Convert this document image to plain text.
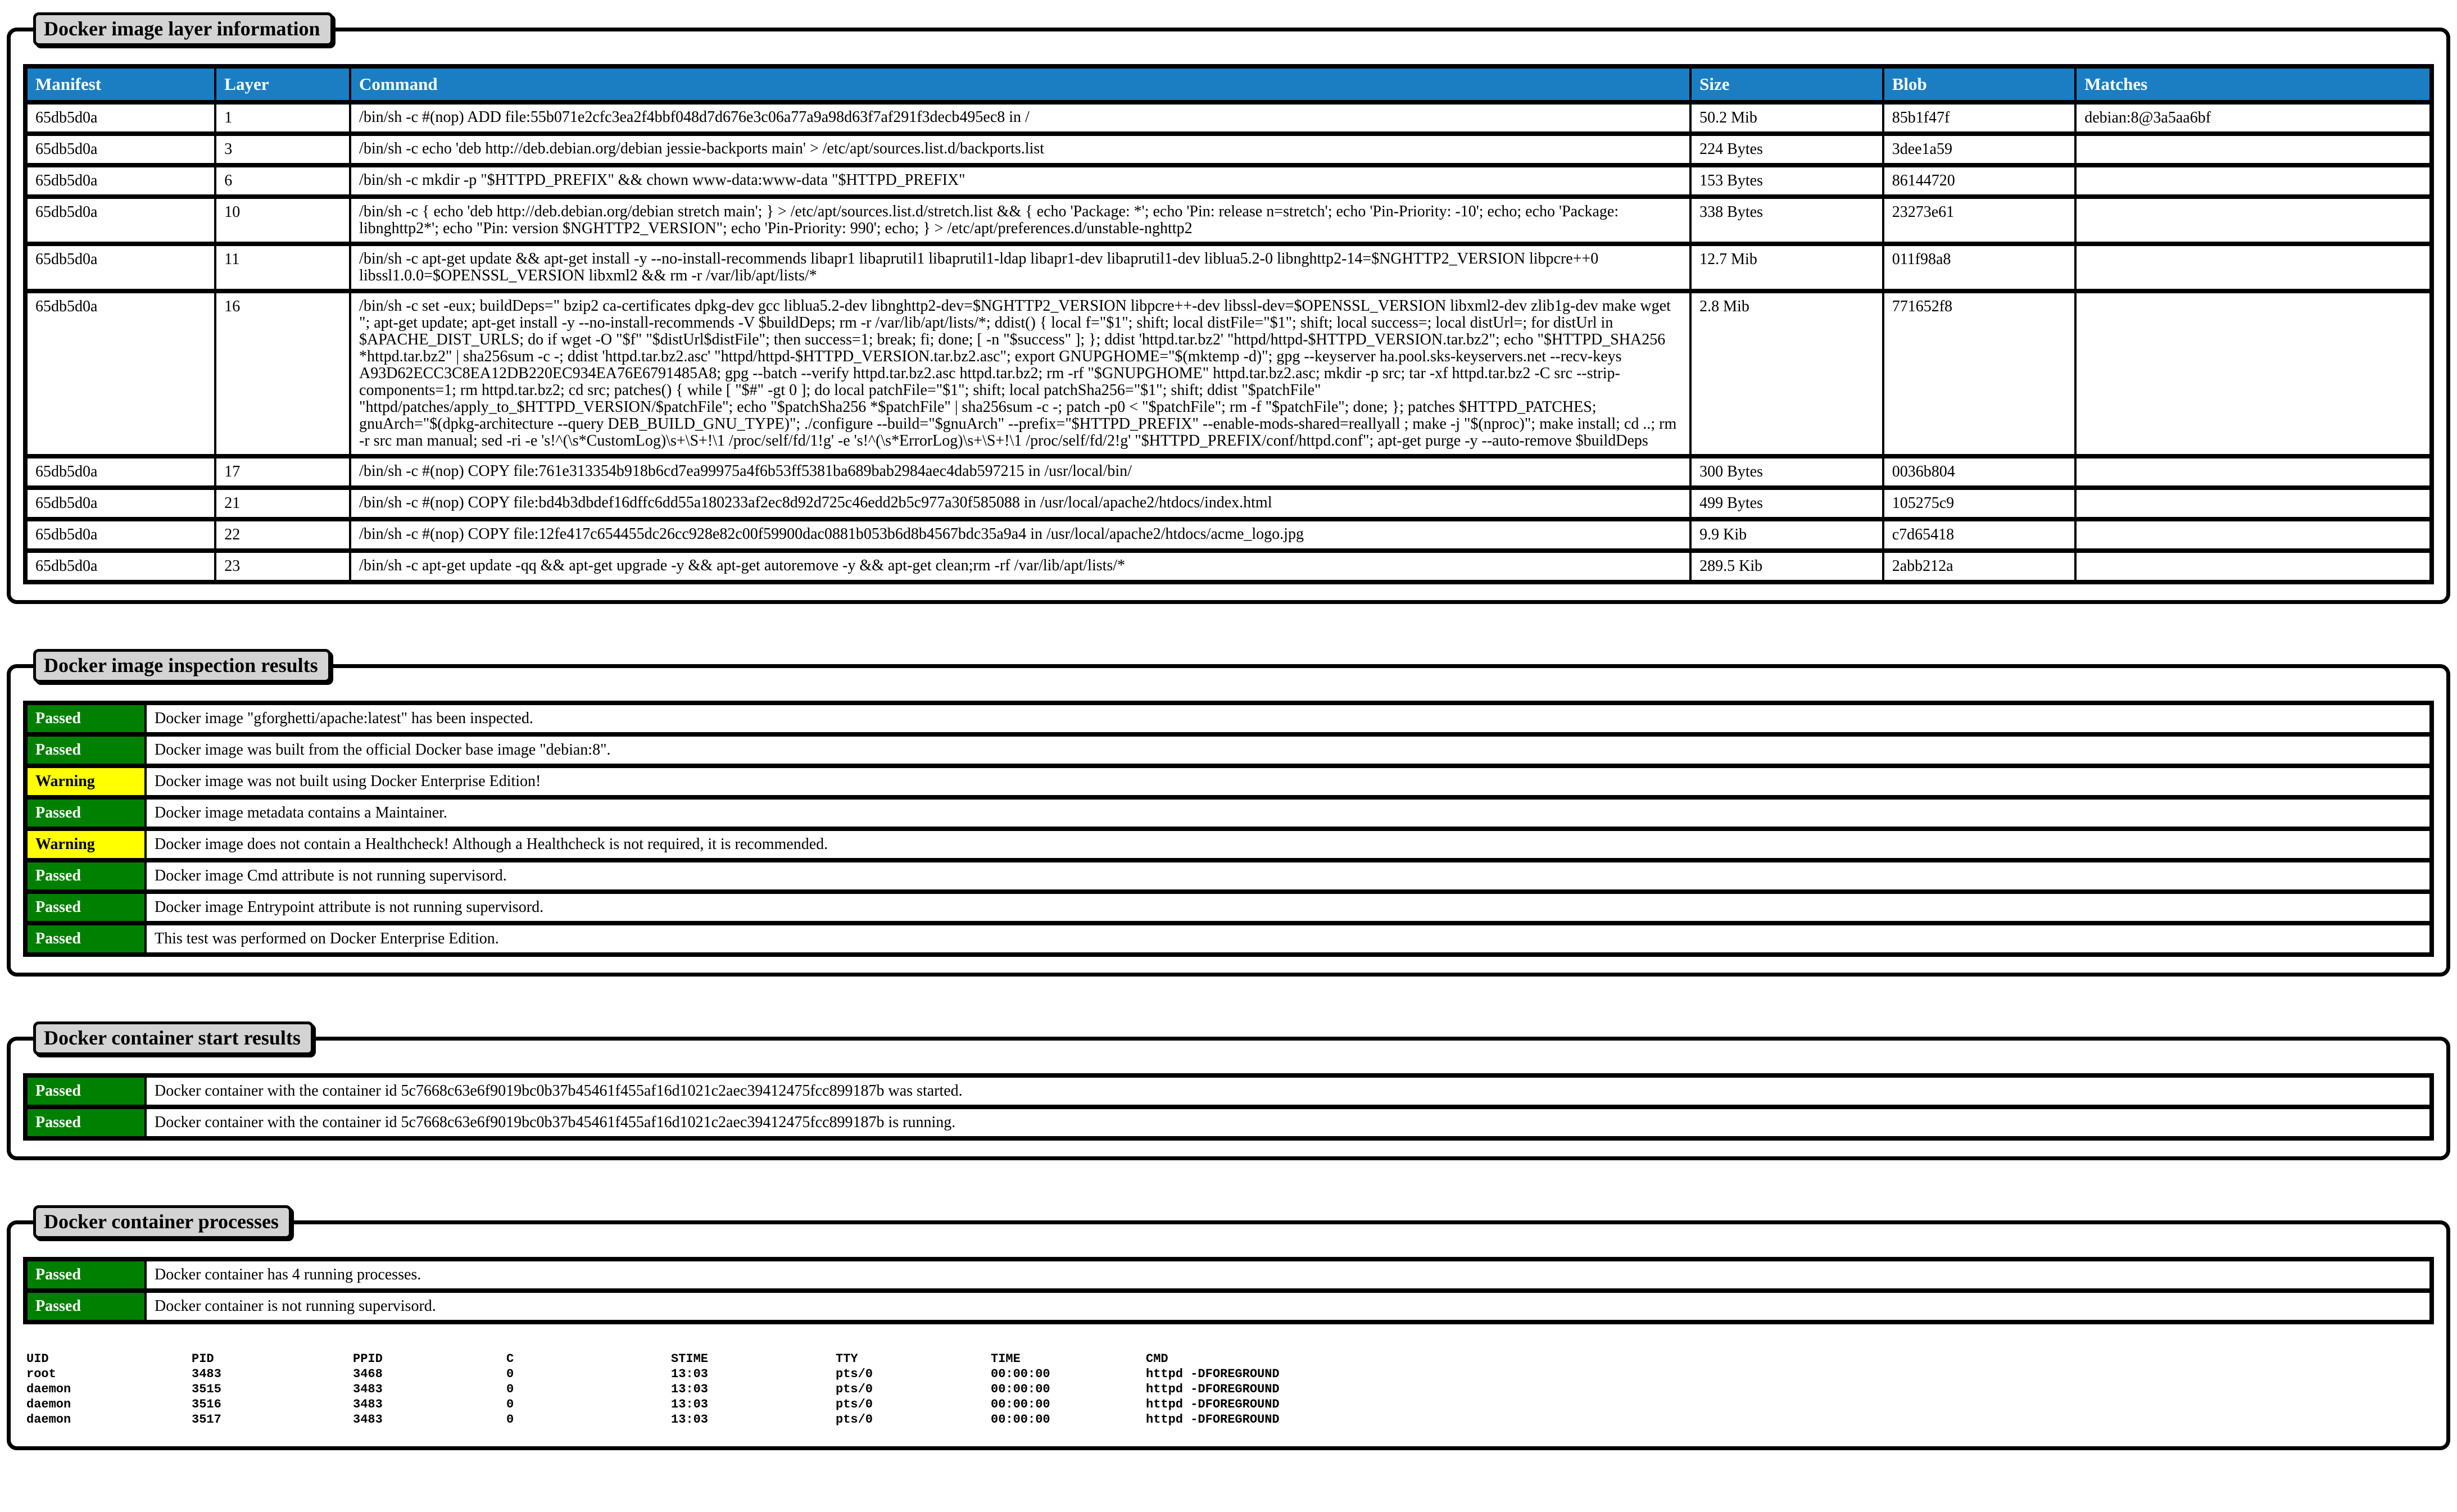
Docker image layer information
Manifest	Layer	Command	Size	Blob	Matches
65db5d0a	1	/bin/sh -c #(nop) ADD file:55b071e2cfc3ea2f4bbf048d7d676e3c06a77a9a98d63f7af291f3decb495ec8 in /	50.2 Mib	85b1f47f	debian:8@3a5aa6bf
65db5d0a	3	/bin/sh -c echo 'deb http://deb.debian.org/debian jessie-backports main' > /etc/apt/sources.list.d/backports.list	224 Bytes	3dee1a59	
65db5d0a	6	/bin/sh -c mkdir -p "$HTTPD_PREFIX" && chown www-data:www-data "$HTTPD_PREFIX"	153 Bytes	86144720	
65db5d0a	10	/bin/sh -c { echo 'deb http://deb.debian.org/debian stretch main'; } > /etc/apt/sources.list.d/stretch.list && { echo 'Package: *'; echo 'Pin: release n=stretch'; echo 'Pin-Priority: -10'; echo; echo 'Package: libnghttp2*'; echo "Pin: version $NGHTTP2_VERSION"; echo 'Pin-Priority: 990'; echo; } > /etc/apt/preferences.d/unstable-nghttp2	338 Bytes	23273e61	
65db5d0a	11	/bin/sh -c apt-get update && apt-get install -y --no-install-recommends libapr1 libaprutil1 libaprutil1-ldap libapr1-dev libaprutil1-dev liblua5.2-0 libnghttp2-14=$NGHTTP2_VERSION libpcre++0 libssl1.0.0=$OPENSSL_VERSION libxml2 && rm -r /var/lib/apt/lists/*	12.7 Mib	011f98a8	
65db5d0a	16	/bin/sh -c set -eux; buildDeps=" bzip2 ca-certificates dpkg-dev gcc liblua5.2-dev libnghttp2-dev=$NGHTTP2_VERSION libpcre++-dev libssl-dev=$OPENSSL_VERSION libxml2-dev zlib1g-dev make wget "; apt-get update; apt-get install -y --no-install-recommends -V $buildDeps; rm -r /var/lib/apt/lists/*; ddist() { local f="$1"; shift; local distFile="$1"; shift; local success=; local distUrl=; for distUrl in $APACHE_DIST_URLS; do if wget -O "$f" "$distUrl$distFile"; then success=1; break; fi; done; [ -n "$success" ]; }; ddist 'httpd.tar.bz2' "httpd/httpd-$HTTPD_VERSION.tar.bz2"; echo "$HTTPD_SHA256 *httpd.tar.bz2" | sha256sum -c -; ddist 'httpd.tar.bz2.asc' "httpd/httpd-$HTTPD_VERSION.tar.bz2.asc"; export GNUPGHOME="$(mktemp -d)"; gpg --keyserver ha.pool.sks-keyservers.net --recv-keys A93D62ECC3C8EA12DB220EC934EA76E6791485A8; gpg --batch --verify httpd.tar.bz2.asc httpd.tar.bz2; rm -rf "$GNUPGHOME" httpd.tar.bz2.asc; mkdir -p src; tar -xf httpd.tar.bz2 -C src --strip-components=1; rm httpd.tar.bz2; cd src; patches() { while [ "$#" -gt 0 ]; do local patchFile="$1"; shift; local patchSha256="$1"; shift; ddist "$patchFile" "httpd/patches/apply_to_$HTTPD_VERSION/$patchFile"; echo "$patchSha256 *$patchFile" | sha256sum -c -; patch -p0 < "$patchFile"; rm -f "$patchFile"; done; }; patches $HTTPD_PATCHES; gnuArch="$(dpkg-architecture --query DEB_BUILD_GNU_TYPE)"; ./configure --build="$gnuArch" --prefix="$HTTPD_PREFIX" --enable-mods-shared=reallyall ; make -j "$(nproc)"; make install; cd ..; rm -r src man manual; sed -ri -e 's!^(\s*CustomLog)\s+\S+!\1 /proc/self/fd/1!g' -e 's!^(\s*ErrorLog)\s+\S+!\1 /proc/self/fd/2!g' "$HTTPD_PREFIX/conf/httpd.conf"; apt-get purge -y --auto-remove $buildDeps	2.8 Mib	771652f8	
65db5d0a	17	/bin/sh -c #(nop) COPY file:761e313354b918b6cd7ea99975a4f6b53ff5381ba689bab2984aec4dab597215 in /usr/local/bin/	300 Bytes	0036b804	
65db5d0a	21	/bin/sh -c #(nop) COPY file:bd4b3dbdef16dffc6dd55a180233af2ec8d92d725c46edd2b5c977a30f585088 in /usr/local/apache2/htdocs/index.html	499 Bytes	105275c9	
65db5d0a	22	/bin/sh -c #(nop) COPY file:12fe417c654455dc26cc928e82c00f59900dac0881b053b6d8b4567bdc35a9a4 in /usr/local/apache2/htdocs/acme_logo.jpg	9.9 Kib	c7d65418	
65db5d0a	23	/bin/sh -c apt-get update -qq && apt-get upgrade -y && apt-get autoremove -y && apt-get clean;rm -rf /var/lib/apt/lists/*	289.5 Kib	2abb212a	
Docker image inspection results
Passed	Docker image "gforghetti/apache:latest" has been inspected.
Passed	Docker image was built from the official Docker base image "debian:8".
Warning	Docker image was not built using Docker Enterprise Edition!
Passed	Docker image metadata contains a Maintainer.
Warning	Docker image does not contain a Healthcheck! Although a Healthcheck is not required, it is recommended.
Passed	Docker image Cmd attribute is not running supervisord.
Passed	Docker image Entrypoint attribute is not running supervisord.
Passed	This test was performed on Docker Enterprise Edition.
Docker container start results
Passed	Docker container with the container id 5c7668c63e6f9019bc0b37b45461f455af16d1021c2aec39412475fcc899187b was started.
Passed	Docker container with the container id 5c7668c63e6f9019bc0b37b45461f455af16d1021c2aec39412475fcc899187b is running.
Docker container processes
Passed	Docker container has 4 running processes.
Passed	Docker container is not running supervisord.
UID	PID	PPID	C	STIME	TTY	TIME	CMD
root	3483	3468	0	13:03	pts/0	00:00:00	httpd -DFOREGROUND
daemon	3515	3483	0	13:03	pts/0	00:00:00	httpd -DFOREGROUND
daemon	3516	3483	0	13:03	pts/0	00:00:00	httpd -DFOREGROUND
daemon	3517	3483	0	13:03	pts/0	00:00:00	httpd -DFOREGROUND
